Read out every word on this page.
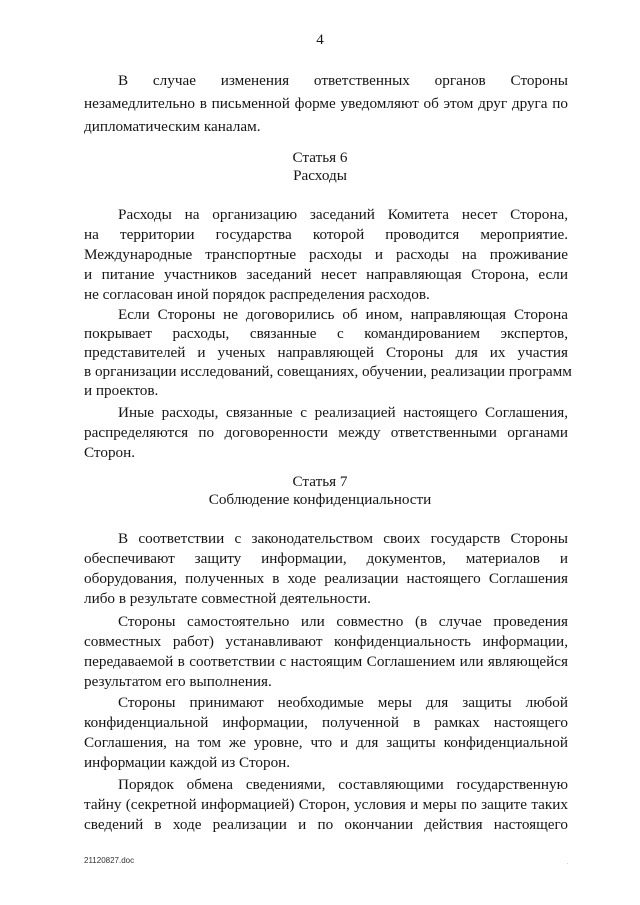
4
В случае изменения ответственных органов Стороны
незамедлительно в письменной форме уведомляют об этом друг друга по
дипломатическим каналам.
Статья 6
Расходы
Расходы на организацию заседаний Комитета несет Сторона,
на территории государства которой проводится мероприятие.
Международные транспортные расходы и расходы на проживание
и питание участников заседаний несет направляющая Сторона, если
не согласован иной порядок распределения расходов.
Если Стороны не договорились об ином, направляющая Сторона
покрывает расходы, связанные с командированием экспертов,
представителей и ученых направляющей Стороны для их участия
в организации исследований, совещаниях, обучении, реализации программ
и проектов.
Иные расходы, связанные с реализацией настоящего Соглашения,
распределяются по договоренности между ответственными органами
Сторон.
Статья 7
Соблюдение конфиденциальности
В соответствии с законодательством своих государств Стороны
обеспечивают защиту информации, документов, материалов и
оборудования, полученных в ходе реализации настоящего Соглашения
либо в результате совместной деятельности.
Стороны самостоятельно или совместно (в случае проведения
совместных работ) устанавливают конфиденциальность информации,
передаваемой в соответствии с настоящим Соглашением или являющейся
результатом его выполнения.
Стороны принимают необходимые меры для защиты любой
конфиденциальной информации, полученной в рамках настоящего
Соглашения, на том же уровне, что и для защиты конфиденциальной
информации каждой из Сторон.
Порядок обмена сведениями, составляющими государственную
тайну (секретной информацией) Сторон, условия и меры по защите таких
сведений в ходе реализации и по окончании действия настоящего
21120827.doc	.
